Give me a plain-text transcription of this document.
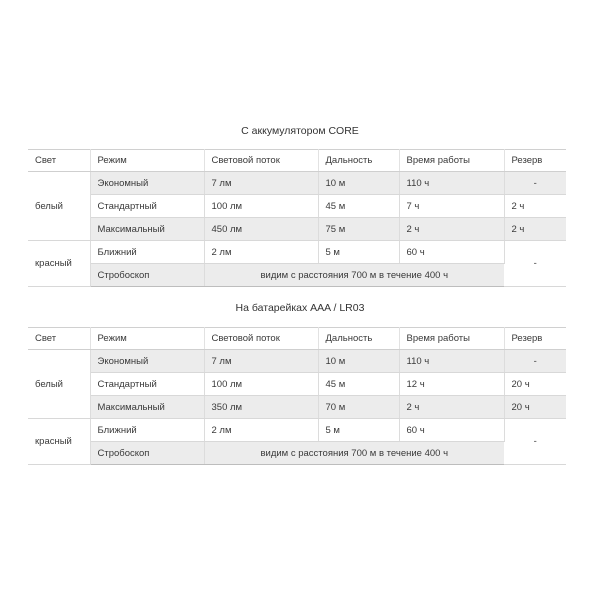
С аккумулятором CORE
Свет	Режим	Световой поток	Дальность	Время работы	Резерв
белый	Экономный	7 лм	10 м	110 ч	-
	Стандартный	100 лм	45 м	7 ч	2 ч
	Максимальный	450 лм	75 м	2 ч	2 ч
красный	Ближний	2 лм	5 м	60 ч	-
	Стробоскоп	видим с расстояния 700 м в течение 400 ч			
На батарейках AAA / LR03
Свет	Режим	Световой поток	Дальность	Время работы	Резерв
белый	Экономный	7 лм	10 м	110 ч	-
	Стандартный	100 лм	45 м	12 ч	20 ч
	Максимальный	350 лм	70 м	2 ч	20 ч
красный	Ближний	2 лм	5 м	60 ч	-
	Стробоскоп	видим с расстояния 700 м в течение 400 ч			
